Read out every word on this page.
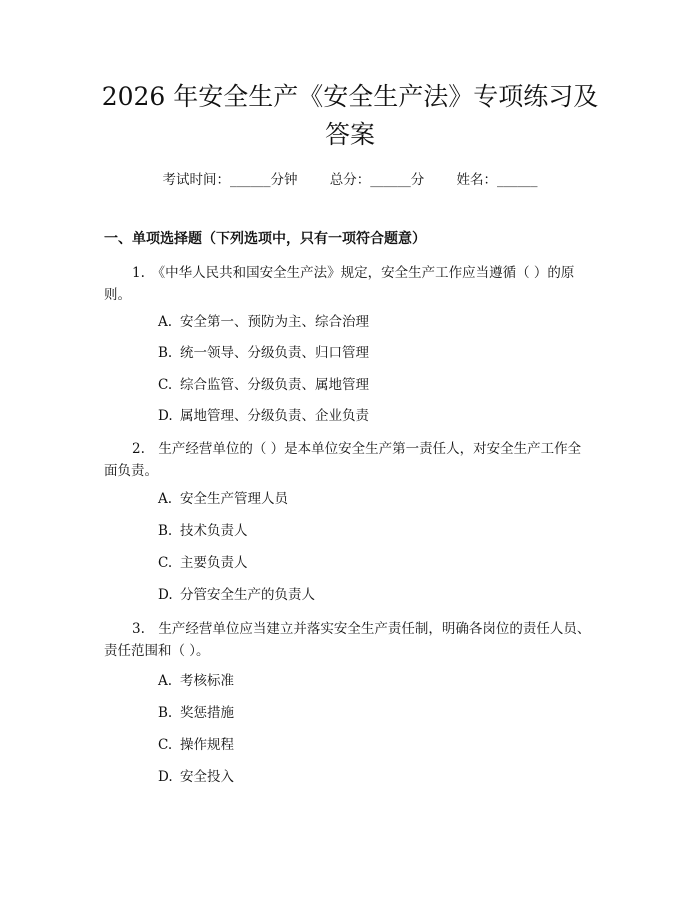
2026 年安全生产《安全生产法》专项练习及答案
考试时间：______分钟 总分：______分 姓名：______
一、单项选择题（下列选项中，只有一项符合题意）
1.　《中华人民共和国安全生产法》规定，安全生产工作应当遵循（ ）的原则。
A. 安全第一、预防为主、综合治理
B. 统一领导、分级负责、归口管理
C. 综合监管、分级负责、属地管理
D. 属地管理、分级负责、企业负责
2.　生产经营单位的（ ）是本单位安全生产第一责任人，对安全生产工作全面负责。
A. 安全生产管理人员
B. 技术负责人
C. 主要负责人
D. 分管安全生产的负责人
3.　生产经营单位应当建立并落实安全生产责任制，明确各岗位的责任人员、责任范围和（ ）。
A. 考核标准
B. 奖惩措施
C. 操作规程
D. 安全投入
